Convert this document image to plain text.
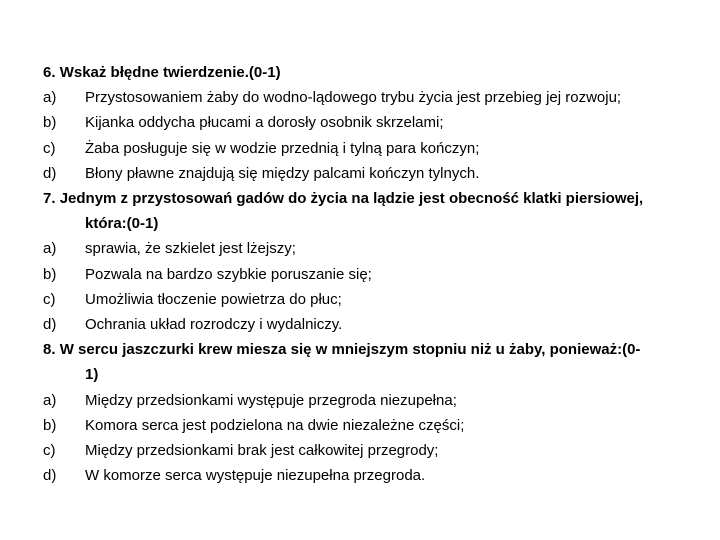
6. Wskaż błędne twierdzenie.(0-1)
a)	Przystosowaniem żaby do wodno-lądowego trybu życia jest przebieg jej rozwoju;
b)	Kijanka oddycha płucami a dorosły osobnik skrzelami;
c)	Żaba posługuje się w wodzie przednią i tylną para kończyn;
d)	Błony pławne znajdują się między palcami kończyn tylnych.
7. Jednym z przystosowań gadów do życia na lądzie jest obecność klatki piersiowej,
która:(0-1)
a)	sprawia, że szkielet jest lżejszy;
b)	Pozwala na bardzo szybkie poruszanie się;
c)	Umożliwia tłoczenie powietrza do płuc;
d)	Ochrania układ rozrodczy i wydalniczy.
8. W sercu jaszczurki krew miesza się w mniejszym stopniu niż u żaby, ponieważ:(0-
1)
a)	Między przedsionkami występuje przegroda niezupełna;
b)	Komora serca jest podzielona na dwie niezależne części;
c)	Między przedsionkami brak jest całkowitej przegrody;
d)	W komorze serca występuje niezupełna przegroda.
